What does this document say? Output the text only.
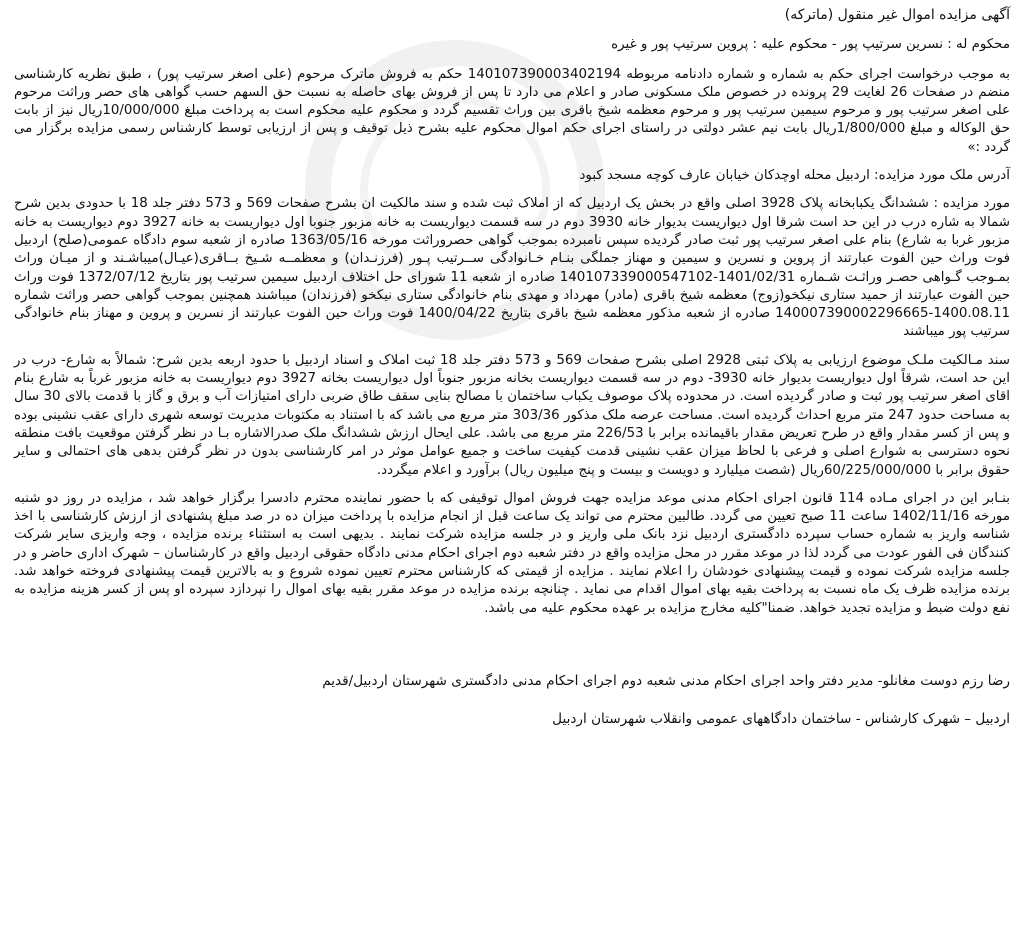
آگهی مزایده اموال غیر منقول (ماترکه)

محکوم له : نسرین سرتیپ پور - محکوم علیه : پروین سرتیپ پور و غیره

به موجب درخواست اجرای حکم به شماره و شماره دادنامه مربوطه 140107390003402194 حکم به فروش ماترک مرحوم (علی اصغر سرتیب پور) ، طبق نظریه کارشناسی منضم در صفحات 26 لغایت 29 پرونده در خصوص ملک مسکونی صادر و اعلام می دارد تا پس از فروش بهای حاصله به نسبت حق السهم حسب گواهی های حصر وراثت مرحوم علی اصغر سرتیب پور و مرحوم سیمین سرتیب پور و مرحوم معظمه شیخ باقری بین وراث تقسیم گردد و محکوم علیه محکوم است به پرداخت مبلغ 10/000/000ریال نیز از بابت حق الوکاله و مبلغ 1/800/000ریال بابت نیم عشر دولتی در راستای اجرای حکم اموال محکوم علیه بشرح ذیل توقیف و پس از ارزیابی توسط کارشناس رسمی مزایده برگزار می گردد :»

آدرس ملک مورد مزایده: اردبیل محله اوچدکان خیابان عارف کوچه مسجد کبود

مورد مزایده : ششدانگ یکبابخانه پلاک 3928 اصلی واقع در بخش یک اردبیل که از املاک ثبت شده و سند مالکیت ان بشرح صفحات 569 و 573 دفتر جلد 18 با حدودی بدین شرح شمالا به شاره درب در این حد است شرقا اول دیواریست بدیوار خانه 3930 دوم در سه قسمت دیواریست به خانه مزبور جنوبا اول دیواریست به خانه 3927 دوم دیواریست به خانه مزبور غربا به شارع) بنام علی اصغر سرتیب پور ثبت صادر گردیده سپس نامبرده بموجب گواهی حصروراثت مورخه 1363/05/16 صادره از شعبه سوم دادگاه عمومی(صلح) اردبیل فوت وراث حین الفوت عبارتند از پروین و نسرین و سیمین و مهناز جملگی بنـام خـانوادگی ســرتیب پـور (فرزنـدان) و معظمــه شـیخ بــاقری(عیـال)میباشـند و از میـان وراث بمـوجب گـواهی حصـر وراثـت شـماره 1401/02/31-140107339000547102 صادره از شعبه 11 شورای حل اختلاف اردبیل سیمین سرتیب پور بتاریخ 1372/07/12 فوت وراث حین الفوت عبارتند از حمید ستاری نیکخو(زوج) معظمه شیخ باقری (مادر) مهرداد و مهدی بنام خانوادگی ستاری نیکخو (فرزندان) میباشند همچنین بموجب گواهی حصر وراثت شماره 1400.08.11-140007390002296665 صادره از شعبه مذکور معظمه شیخ باقری بتاریخ 1400/04/22 فوت وراث حین الفوت عبارتند از نسرین و پروین و مهناز بنام خانوادگی سرتیب پور میباشند

سند مـالکیت ملـک موضوع ارزیابی به پلاک ثبتی 2928 اصلی بشرح صفحات 569 و 573 دفتر جلد 18 ثبت املاک و اسناد اردبیل با حدود اربعه بدین شرح: شمالاً به شارع- درب در این حد است، شرقاً اول دیواریست بدیوار خانه 3930- دوم در سه قسمت دیواریست بخانه مزبور جنوباً اول دیواریست بخانه 3927 دوم دیواریست به خانه مزبور غرباً به شارع بنام اقای اصغر سرتیب پور ثبت و صادر گردیده است. در محدوده پلاک موصوف یکباب ساختمان با مصالح بنایی سقف طاق ضربی دارای امتیازات آب و برق و گاز با قدمت بالای 30 سال به مساحت حدود 247 متر مربع احداث گردیده است. مساحت عرصه ملک مذکور 303/36 متر مربع می باشد که با استناد به مکتوبات مدیریت توسعه شهری دارای عقب نشینی بوده و پس از کسر مقدار واقع در طرح تعریض مقدار باقیمانده برابر با 226/53 متر مربع می باشد. علی ایحال ارزش ششدانگ ملک صدرالاشاره بـا در نظر گرفتن موقعیت بافت منطقه نحوه دسترسی به شوارع اصلی و فرعی با لحاظ میزان عقب نشینی قدمت کیفیت ساخت و جمیع عوامل موثر در امر کارشناسی بدون در نظر گرفتن بدهی های احتمالی و سایر حقوق برابر با 60/225/000/000ریال (شصت میلیارد و دویست و بیست و پنج میلیون ریال) برآورد و اعلام میگردد.

بنـابر این در اجرای مـاده 114 قانون اجرای احکام مدنی موعد مزایده جهت فروش اموال توقیفی که با حضور نماینده محترم دادسرا برگزار خواهد شد ، مزایده در روز دو شنبه مورخه 1402/11/16 ساعت 11 صبح تعیین می گردد. طالبین محترم می تواند یک ساعت قبل از انجام مزایده با پرداخت میزان ده در صد مبلغ پشنهادی از ارزش کارشناسی با اخذ شناسه واریز به شماره حساب سپرده دادگستری اردبیل نزد بانک ملی واریز و در جلسه مزایده شرکت نمایند . بدیهی است به استثناء برنده مزایده ، وجه واریزی سایر شرکت کنندگان فی الفور عودت می گردد لذا در موعد مقرر در محل مزایده واقع در دفتر شعبه دوم اجرای احکام مدنی دادگاه حقوقی اردبیل واقع در کارشناسان – شهرک اداری حاضر و در جلسه مزایده شرکت نموده و قیمت پیشنهادی خودشان را اعلام نمایند . مزایده از قیمتی که کارشناس محترم تعیین نموده شروع و به بالاترین قیمت پیشنهادی فروخته خواهد شد. برنده مزایده ظرف یک ماه نسبت به پرداخت بقیه بهای اموال اقدام می نماید . چنانچه برنده مزایده در موعد مقرر بقیه بهای اموال را نپردازد سپرده او پس از کسر هزینه مزایده به نفع دولت ضبط و مزایده تجدید خواهد. ضمنا"کلیه مخارج مزایده بر عهده محکوم علیه می باشد.

رضا رزم دوست مغانلو- مدیر دفتر واحد اجرای احکام مدنی شعبه دوم اجرای احکام مدنی دادگستری شهرستان اردبیل/قدیم

اردبیل – شهرک کارشناس - ساختمان دادگاههای عمومی وانقلاب شهرستان اردبیل
